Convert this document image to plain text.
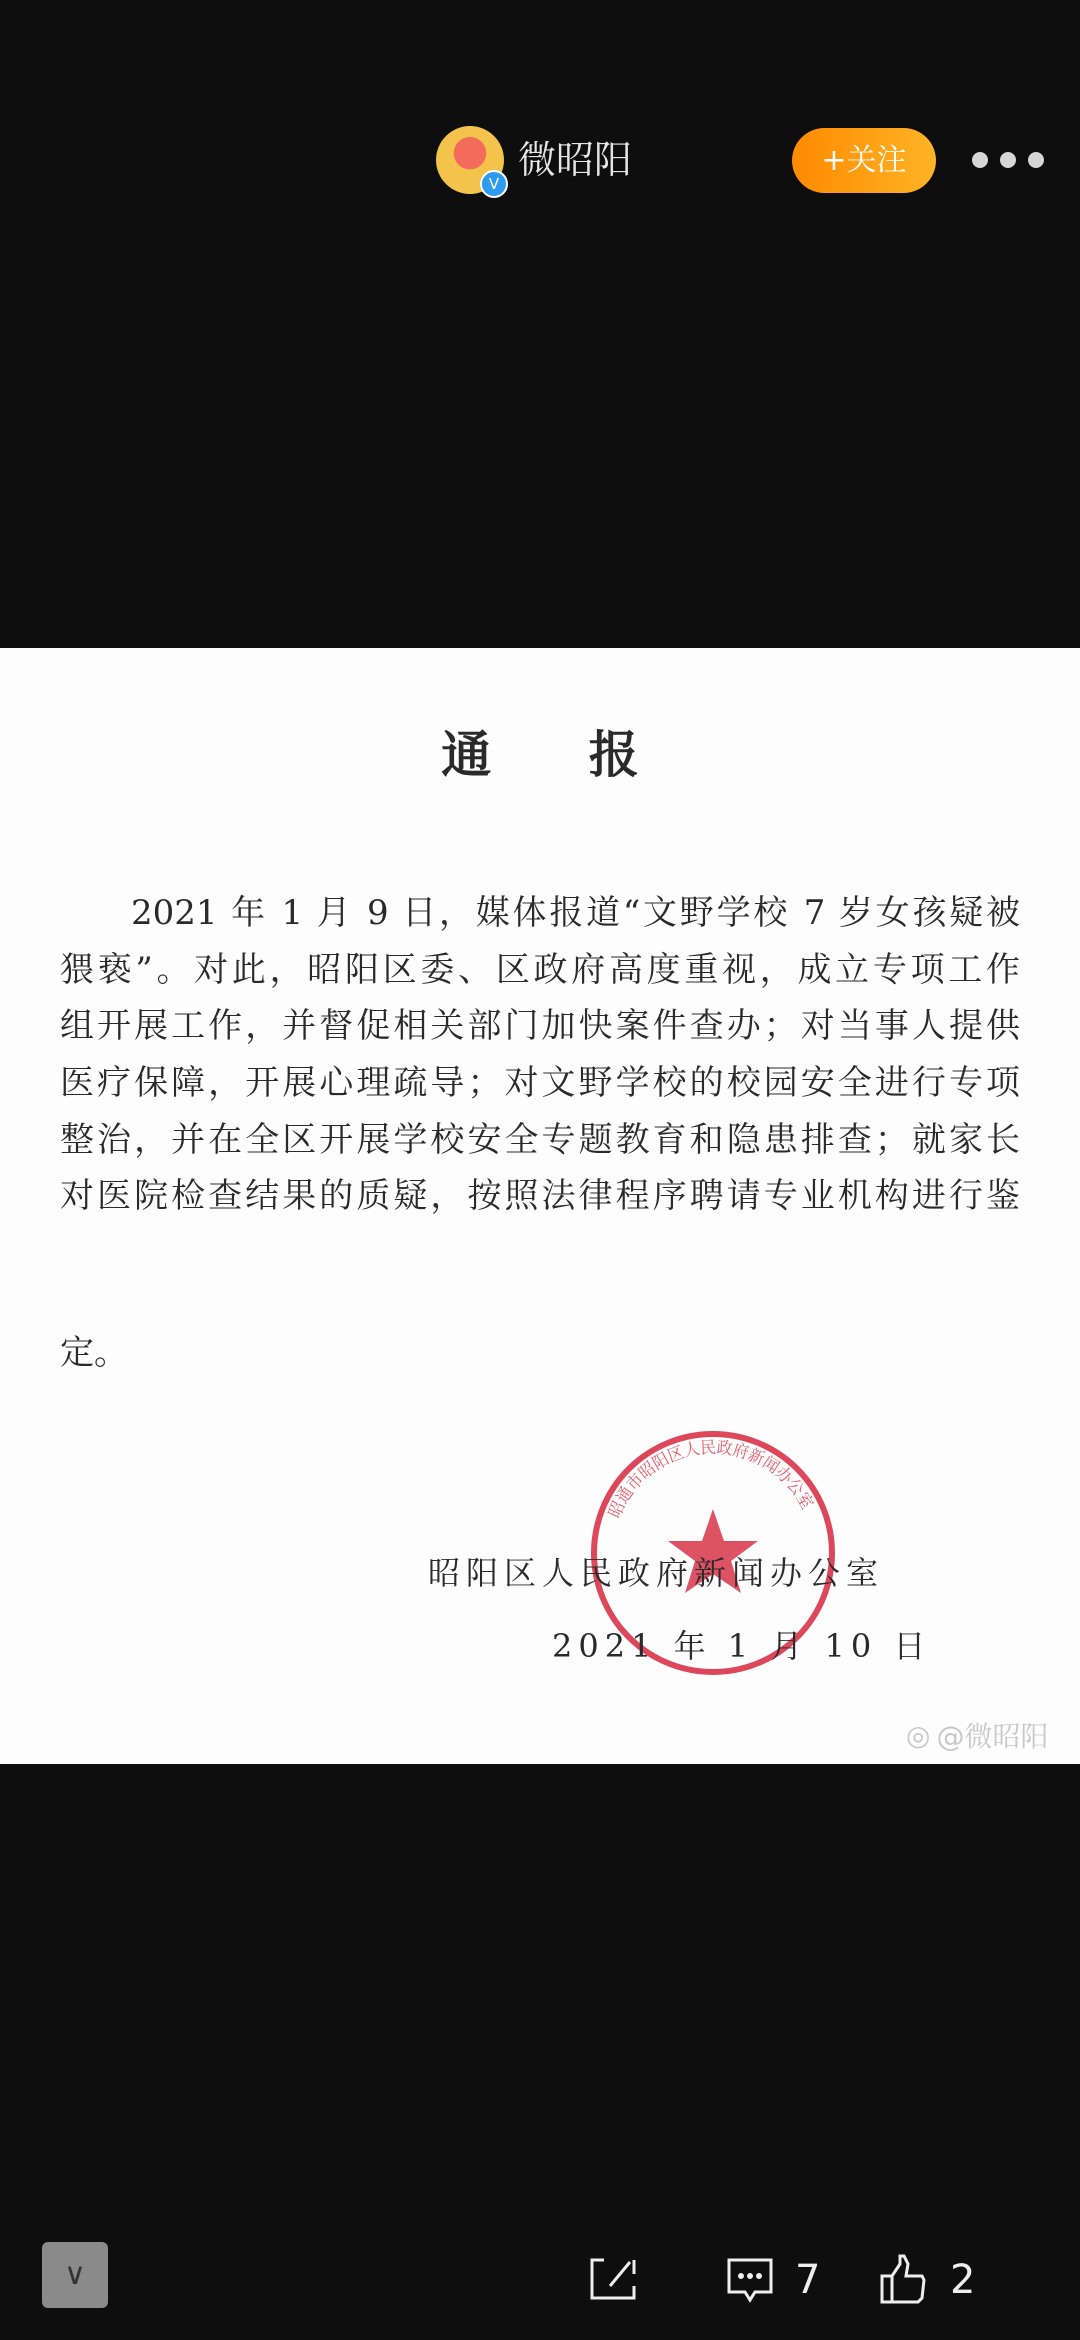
V
微昭阳	+关注
通 报
2021 年 1 月 9 日，媒体报道“文野学校 7 岁女孩疑被
猥亵”。对此，昭阳区委、区政府高度重视，成立专项工作
组开展工作，并督促相关部门加快案件查办；对当事人提供
医疗保障，开展心理疏导；对文野学校的校园安全进行专项
整治，并在全区开展学校安全专题教育和隐患排查；就家长
对医院检查结果的质疑，按照法律程序聘请专业机构进行鉴
定。
昭通市昭阳区人民政府新闻办公室
昭阳区人民政府新闻办公室
2021 年 1 月 10 日
◎ @微昭阳
∨	7	2
